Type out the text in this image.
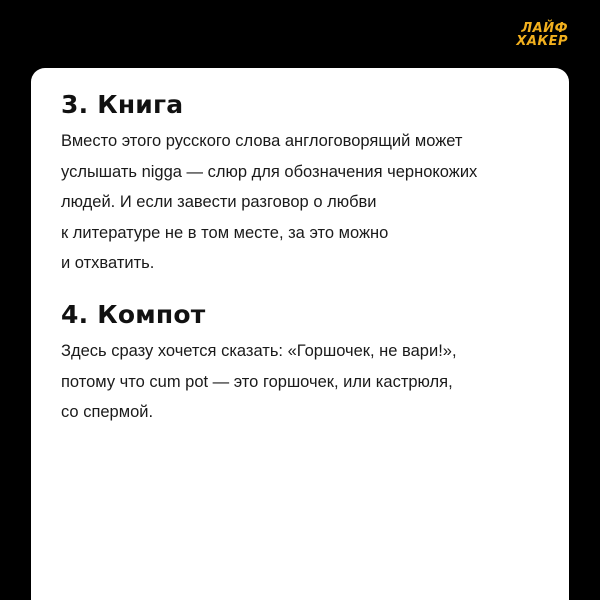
ЛАЙФ
ХАКЕР
3. Книга

Вместо этого русского слова англоговорящий может
услышать nigga — слюр для обозначения чернокожих
людей. И если завести разговор о любви
к литературе не в том месте, за это можно
и отхватить.

4. Компот

Здесь сразу хочется сказать: «Горшочек, не вари!»,
потому что cum pot — это горшочек, или кастрюля,
со спермой.
